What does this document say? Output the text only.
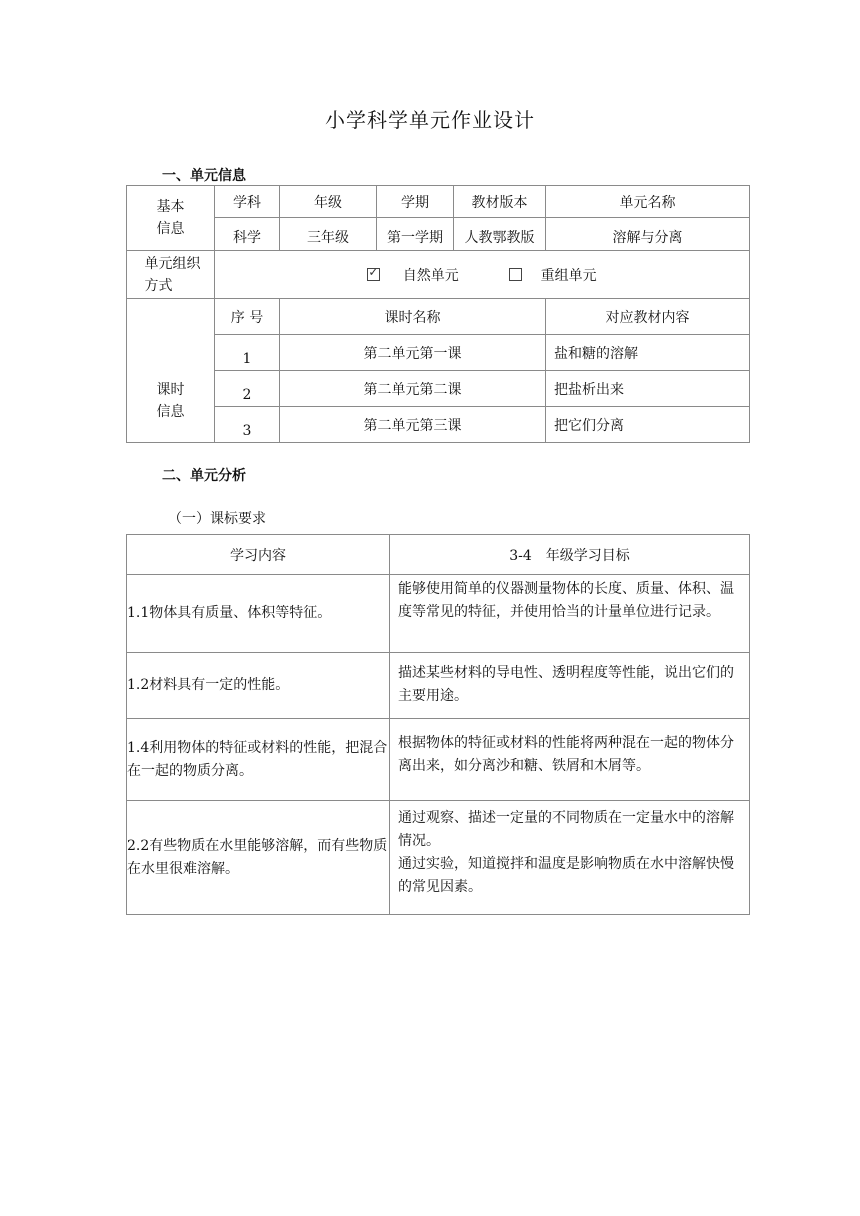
小学科学单元作业设计
一、单元信息
基本信息	学科	年级	学期	教材版本	单元名称
	科学	三年级	第一学期	人教鄂教版	溶解与分离

单元组织方式	✓ 自然单元 重组单元				

课时信息	序 号	课时名称			对应教材内容
	1	第二单元第一课			盐和糖的溶解
	2	第二单元第二课			把盐析出来
	3	第二单元第三课			把它们分离
二、单元分析
（一）课标要求
学习内容	3-4　年级学习目标
1.1物体具有质量、体积等特征。	能够使用简单的仪器测量物体的长度、质量、体积、温度等常见的特征，并使用恰当的计量单位进行记录。
1.2材料具有一定的性能。	描述某些材料的导电性、透明程度等性能，说出它们的主要用途。
1.4利用物体的特征或材料的性能，把混合在一起的物质分离。	根据物体的特征或材料的性能将两种混在一起的物体分离出来，如分离沙和糖、铁屑和木屑等。
2.2有些物质在水里能够溶解，而有些物质在水里很难溶解。	通过观察、描述一定量的不同物质在一定量水中的溶解情况。
通过实验，知道搅拌和温度是影响物质在水中溶解快慢的常见因素。
